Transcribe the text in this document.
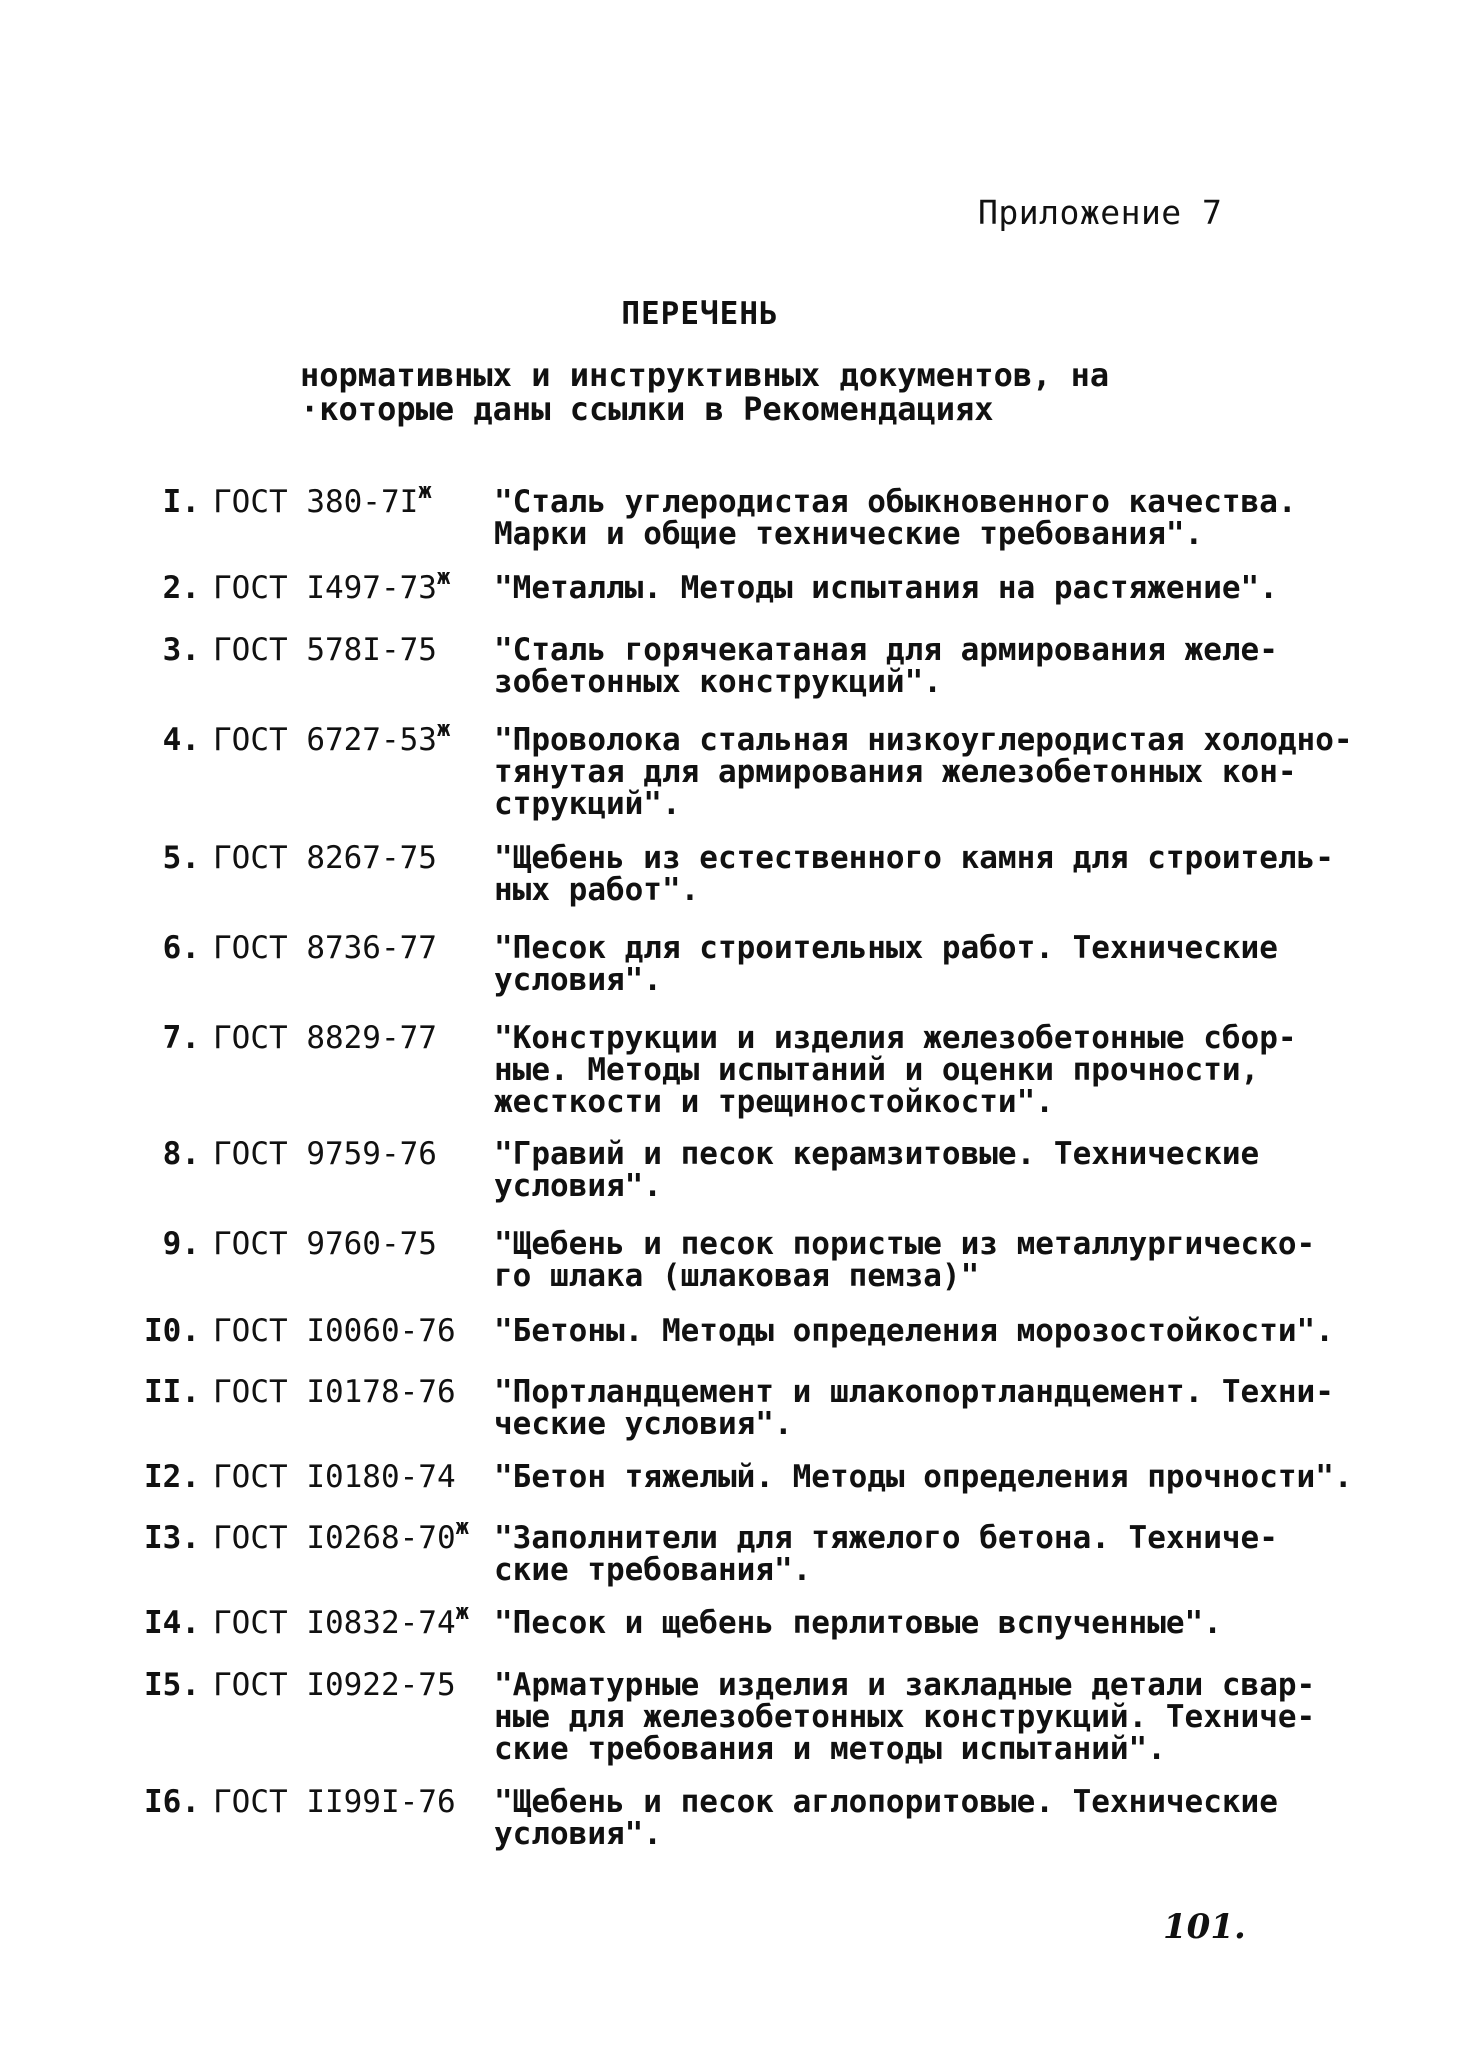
Приложение 7
ПЕРЕЧЕНЬ
нормативных и инструктивных документов, на
·которые даны ссылки в Рекомендациях
I. ГОСТ $380-7I^ж$ "Сталь углеродистая обыкновенного качества.
Марки и общие технические требования".
2. ГОСТ $I497-73^ж$ "Металлы. Методы испытания на растяжение".
3. ГОСТ 578I-75 "Сталь горячекатаная для армирования желе-
зобетонных конструкций".
4. ГОСТ $6727-53^ж$ "Проволока стальная низкоуглеродистая холодно-
тянутая для армирования железобетонных кон-
струкций".
5. ГОСТ 8267-75 "Щебень из естественного камня для строитель-
ных работ".
6. ГОСТ 8736-77 "Песок для строительных работ. Технические
условия".
7. ГОСТ 8829-77 "Конструкции и изделия железобетонные сбор-
ные. Методы испытаний и оценки прочности,
жесткости и трещиностойкости".
8. ГОСТ 9759-76 "Гравий и песок керамзитовые. Технические
условия".
9. ГОСТ 9760-75 "Щебень и песок пористые из металлургическо-
го шлака (шлаковая пемза)"
I0. ГОСТ I0060-76 "Бетоны. Методы определения морозостойкости".
II. ГОСТ I0178-76 "Портландцемент и шлакопортландцемент. Техни-
ческие условия".
I2. ГОСТ I0180-74 "Бетон тяжелый. Методы определения прочности".
I3. ГОСТ $I0268-70^ж$ "Заполнители для тяжелого бетона. Техниче-
ские требования".
I4. ГОСТ $I0832-74^ж$ "Песок и щебень перлитовые вспученные".
I5. ГОСТ I0922-75 "Арматурные изделия и закладные детали свар-
ные для железобетонных конструкций. Техниче-
ские требования и методы испытаний".
I6. ГОСТ II99I-76 "Щебень и песок аглопоритовые. Технические
условия".
101.
